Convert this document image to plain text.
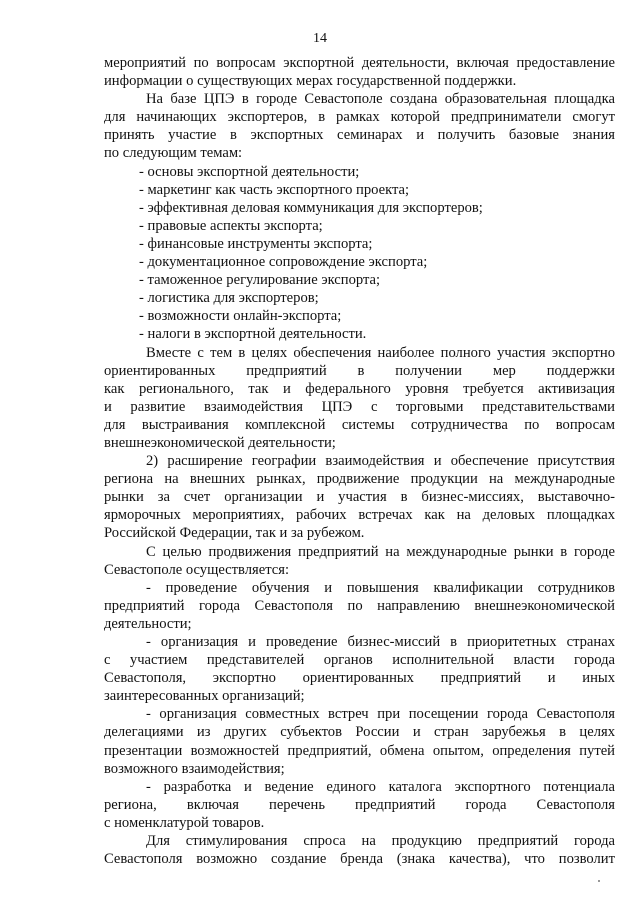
14
мероприятий по вопросам экспортной деятельности, включая предоставление
информации о существующих мерах государственной поддержки.
На базе ЦПЭ в городе Севастополе создана образовательная площадка
для начинающих экспортеров, в рамках которой предприниматели смогут
принять участие в экспортных семинарах и получить базовые знания
по следующим темам:
- основы экспортной деятельности;
- маркетинг как часть экспортного проекта;
- эффективная деловая коммуникация для экспортеров;
- правовые аспекты экспорта;
- финансовые инструменты экспорта;
- документационное сопровождение экспорта;
- таможенное регулирование экспорта;
- логистика для экспортеров;
- возможности онлайн-экспорта;
- налоги в экспортной деятельности.
Вместе с тем в целях обеспечения наиболее полного участия экспортно
ориентированных предприятий в получении мер поддержки
как регионального, так и федерального уровня требуется активизация
и развитие взаимодействия ЦПЭ с торговыми представительствами
для выстраивания комплексной системы сотрудничества по вопросам
внешнеэкономической деятельности;
2) расширение географии взаимодействия и обеспечение присутствия
региона на внешних рынках, продвижение продукции на международные
рынки за счет организации и участия в бизнес-миссиях, выставочно-
ярморочных мероприятиях, рабочих встречах как на деловых площадках
Российской Федерации, так и за рубежом.
С целью продвижения предприятий на международные рынки в городе
Севастополе осуществляется:
- проведение обучения и повышения квалификации сотрудников
предприятий города Севастополя по направлению внешнеэкономической
деятельности;
- организация и проведение бизнес-миссий в приоритетных странах
с участием представителей органов исполнительной власти города
Севастополя, экспортно ориентированных предприятий и иных
заинтересованных организаций;
- организация совместных встреч при посещении города Севастополя
делегациями из других субъектов России и стран зарубежья в целях
презентации возможностей предприятий, обмена опытом, определения путей
возможного взаимодействия;
- разработка и ведение единого каталога экспортного потенциала
региона, включая перечень предприятий города Севастополя
с номенклатурой товаров.
Для стимулирования спроса на продукцию предприятий города
Севастополя возможно создание бренда (знака качества), что позволит
